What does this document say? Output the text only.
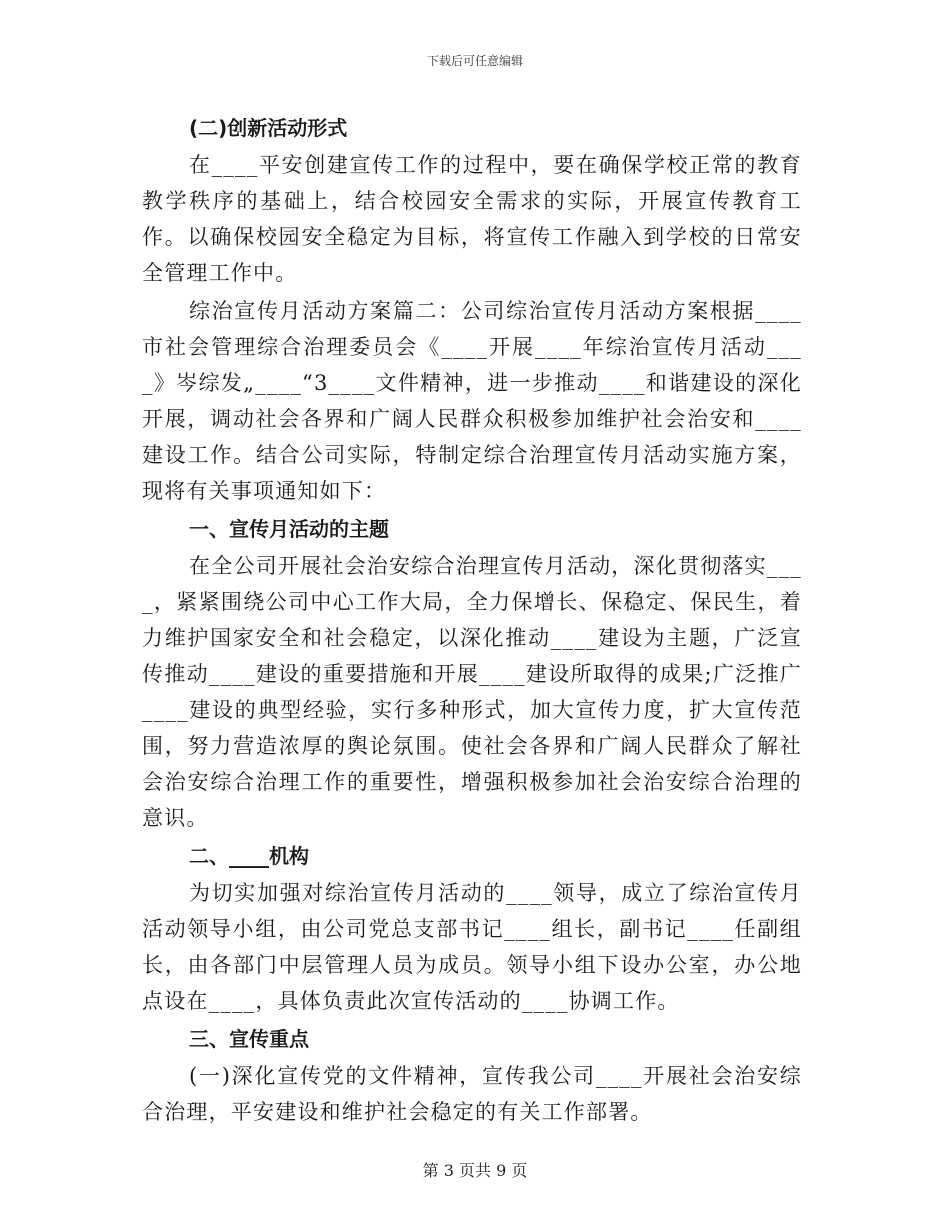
下载后可任意编辑

(二)创新活动形式

在____平安创建宣传工作的过程中，要在确保学校正常的教育教学秩序的基础上，结合校园安全需求的实际，开展宣传教育工作。以确保校园安全稳定为目标，将宣传工作融入到学校的日常安全管理工作中。

综治宣传月活动方案篇二：公司综治宣传月活动方案根据____市社会管理综合治理委员会《____开展____年综治宣传月活动____》岑综发„____“3____文件精神，进一步推动____和谐建设的深化开展，调动社会各界和广阔人民群众积极参加维护社会治安和____建设工作。结合公司实际，特制定综合治理宣传月活动实施方案，现将有关事项通知如下：

一、宣传月活动的主题

在全公司开展社会治安综合治理宣传月活动，深化贯彻落实____，紧紧围绕公司中心工作大局，全力保增长、保稳定、保民生，着力维护国家安全和社会稳定，以深化推动____建设为主题，广泛宣传推动____建设的重要措施和开展____建设所取得的成果;广泛推广____建设的典型经验，实行多种形式，加大宣传力度，扩大宣传范围，努力营造浓厚的舆论氛围。使社会各界和广阔人民群众了解社会治安综合治理工作的重要性，增强积极参加社会治安综合治理的意识。

二、____机构

为切实加强对综治宣传月活动的____领导，成立了综治宣传月活动领导小组，由公司党总支部书记____组长，副书记____任副组长，由各部门中层管理人员为成员。领导小组下设办公室，办公地点设在____，具体负责此次宣传活动的____协调工作。

三、宣传重点

(一)深化宣传党的文件精神，宣传我公司____开展社会治安综合治理，平安建设和维护社会稳定的有关工作部署。

第 3 页共 9 页
